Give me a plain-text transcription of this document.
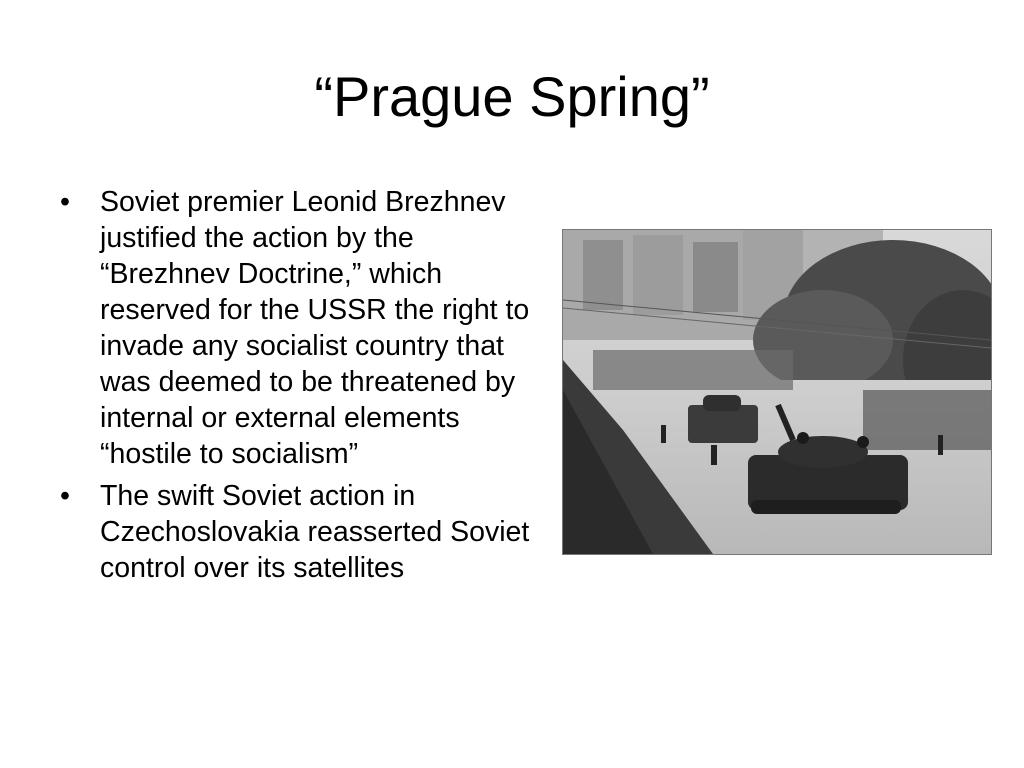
“Prague Spring”
• Soviet premier Leonid Brezhnev justified the action by the “Brezhnev Doctrine,” which reserved for the USSR the right to invade any socialist country that was deemed to be threatened by internal or external elements “hostile to socialism”
• The swift Soviet action in Czechoslovakia reasserted Soviet control over its satellites
